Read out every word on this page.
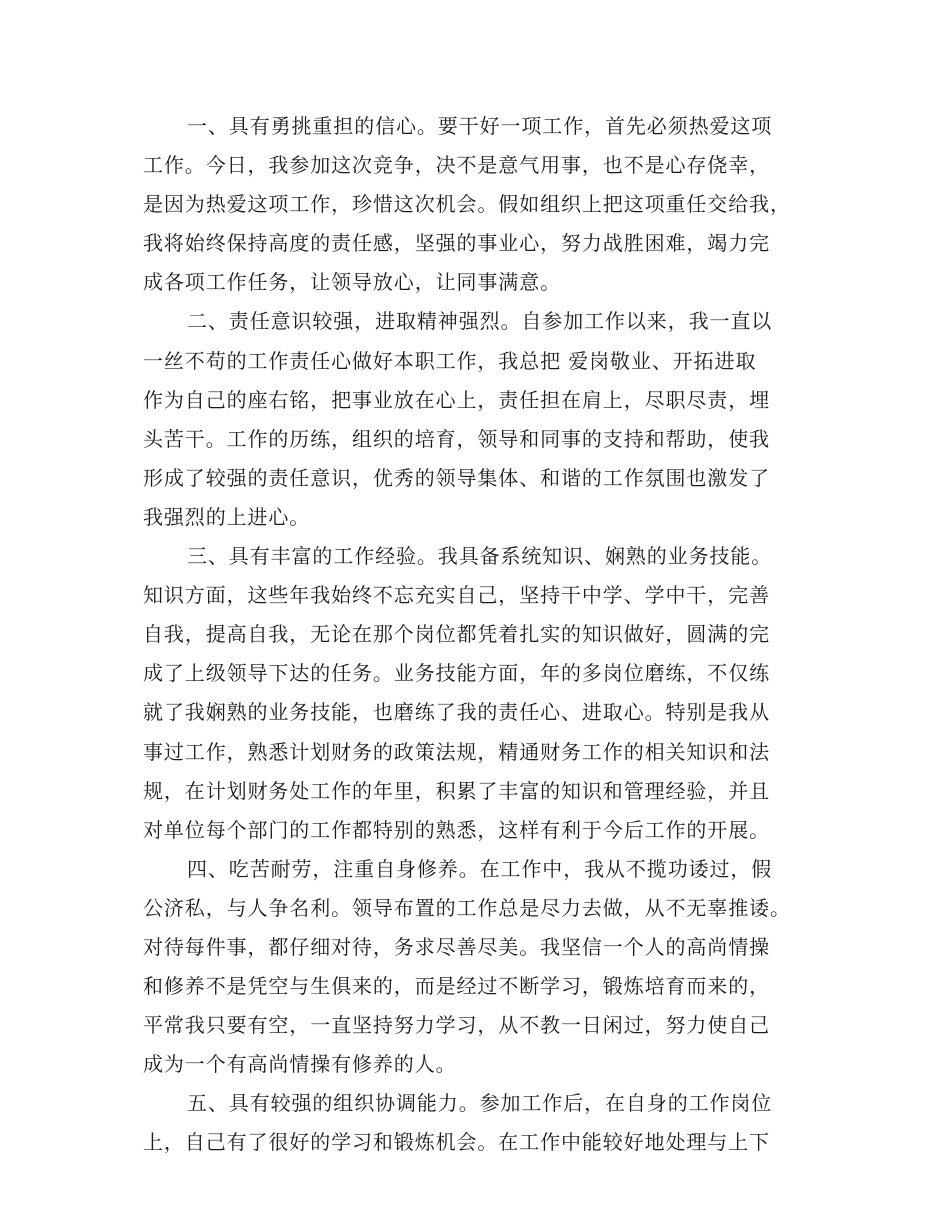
一、具有勇挑重担的信心。要干好一项工作，首先必须热爱这项
工作。今日，我参加这次竞争，决不是意气用事，也不是心存侥幸，
是因为热爱这项工作，珍惜这次机会。假如组织上把这项重任交给我，
我将始终保持高度的责任感，坚强的事业心，努力战胜困难，竭力完
成各项工作任务，让领导放心，让同事满意。
二、责任意识较强，进取精神强烈。自参加工作以来，我一直以
一丝不苟的工作责任心做好本职工作，我总把 爱岗敬业、开拓进取
作为自己的座右铭，把事业放在心上，责任担在肩上，尽职尽责，埋
头苦干。工作的历练，组织的培育，领导和同事的支持和帮助，使我
形成了较强的责任意识，优秀的领导集体、和谐的工作氛围也激发了
我强烈的上进心。
三、具有丰富的工作经验。我具备系统知识、娴熟的业务技能。
知识方面，这些年我始终不忘充实自己，坚持干中学、学中干，完善
自我，提高自我，无论在那个岗位都凭着扎实的知识做好，圆满的完
成了上级领导下达的任务。业务技能方面，年的多岗位磨练，不仅练
就了我娴熟的业务技能，也磨练了我的责任心、进取心。特别是我从
事过工作，熟悉计划财务的政策法规，精通财务工作的相关知识和法
规，在计划财务处工作的年里，积累了丰富的知识和管理经验，并且
对单位每个部门的工作都特别的熟悉，这样有利于今后工作的开展。
四、吃苦耐劳，注重自身修养。在工作中，我从不揽功诿过，假
公济私，与人争名利。领导布置的工作总是尽力去做，从不无辜推诿。
对待每件事，都仔细对待，务求尽善尽美。我坚信一个人的高尚情操
和修养不是凭空与生俱来的，而是经过不断学习，锻炼培育而来的，
平常我只要有空，一直坚持努力学习，从不教一日闲过，努力使自己
成为一个有高尚情操有修养的人。
五、具有较强的组织协调能力。参加工作后，在自身的工作岗位
上，自己有了很好的学习和锻炼机会。在工作中能较好地处理与上下
